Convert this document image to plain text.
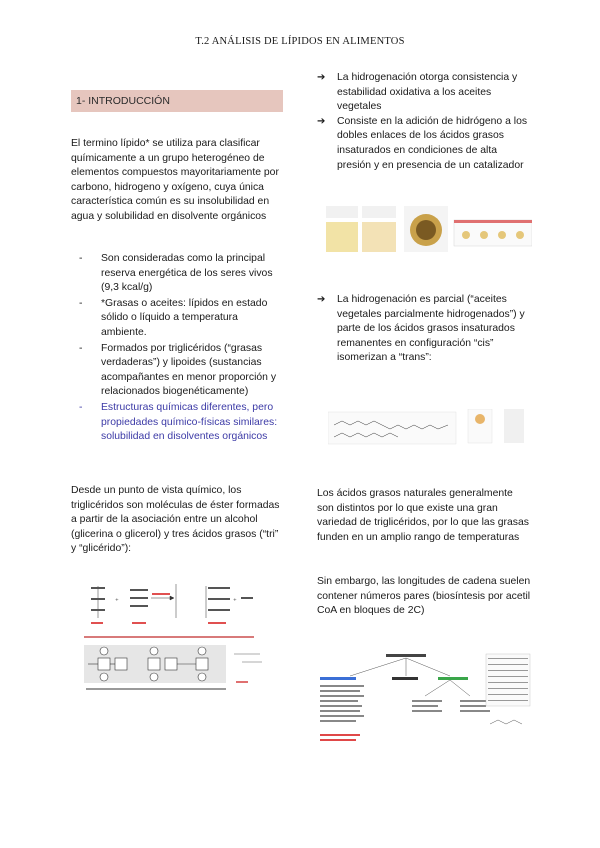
T.2 ANÁLISIS DE LÍPIDOS EN ALIMENTOS
1- INTRODUCCIÓN

El termino lípido* se utiliza para clasificar químicamente a un grupo heterogéneo de elementos compuestos mayoritariamente por carbono, hidrogeno y oxígeno, cuya única característica común es su insolubilidad en agua y solubilidad en disolvente orgánicos

- Son consideradas como la principal reserva energética de los seres vivos (9,3 kcal/g)
- *Grasas o aceites: lípidos en estado sólido o líquido a temperatura ambiente.
- Formados por triglicéridos (“grasas verdaderas”) y lipoides (sustancias acompañantes en menor proporción y relacionados biogenéticamente)
- Estructuras químicas diferentes, pero propiedades químico-físicas similares: solubilidad en disolventes orgánicos

Desde un punto de vista químico, los triglicéridos son moléculas de éster formadas a partir de la asociación entre un alcohol (glicerina o glicerol) y tres ácidos grasos (“tri” y “glicérido”):

+	+
➔ La hidrogenación otorga consistencia y estabilidad oxidativa a los aceites vegetales
➔ Consiste en la adición de hidrógeno a los dobles enlaces de los ácidos grasos insaturados en condiciones de alta presión y en presencia de un catalizador
➔ La hidrogenación es parcial (“aceites vegetales parcialmente hidrogenados”) y parte de los ácidos grasos insaturados remanentes en configuración “cis” isomerizan a “trans”:

Los ácidos grasos naturales generalmente son distintos por lo que existe una gran variedad de triglicéridos, por lo que las grasas funden en un amplio rango de temperaturas

Sin embargo, las longitudes de cadena suelen contener números pares (biosíntesis por acetil CoA en bloques de 2C)
